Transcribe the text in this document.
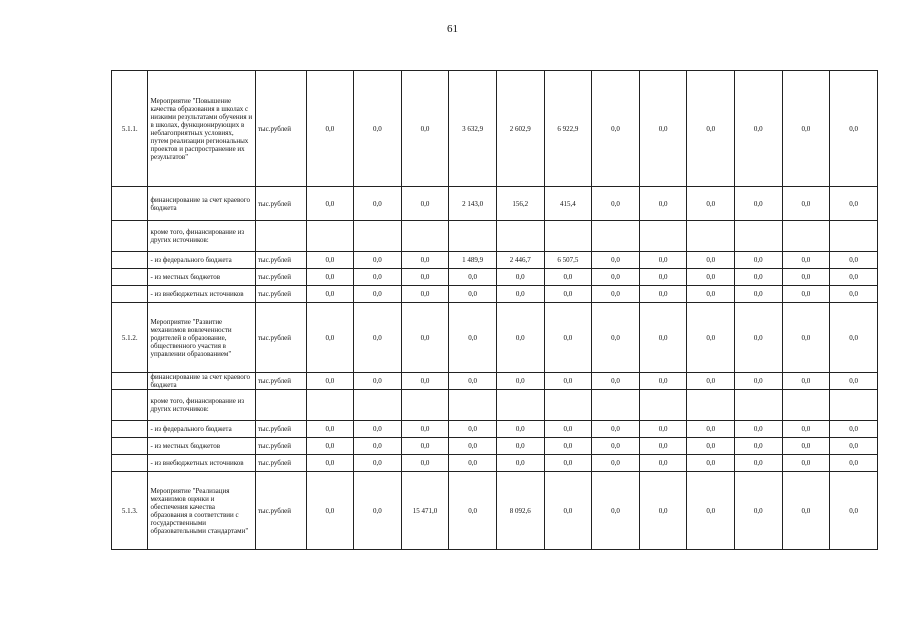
61
5.1.1.	Мероприятие "Повышение качества образования в школах с низкими результатами обучения и в школах, функционирующих в неблагоприятных условиях, путем реализации региональных проектов и распространение их результатов"	тыс.рублей	0,0	0,0	0,0	3 632,9	2 602,9	6 922,9	0,0	0,0	0,0	0,0	0,0	0,0
	финансирование за счет краевого бюджета	тыс.рублей	0,0	0,0	0,0	2 143,0	156,2	415,4	0,0	0,0	0,0	0,0	0,0	0,0
	кроме того, финансирование из других источников:													
	- из федерального бюджета	тыс.рублей	0,0	0,0	0,0	1 489,9	2 446,7	6 507,5	0,0	0,0	0,0	0,0	0,0	0,0
	- из местных бюджетов	тыс.рублей	0,0	0,0	0,0	0,0	0,0	0,0	0,0	0,0	0,0	0,0	0,0	0,0
	- из внебюджетных источников	тыс.рублей	0,0	0,0	0,0	0,0	0,0	0,0	0,0	0,0	0,0	0,0	0,0	0,0
5.1.2.	Мероприятие "Развитие механизмов вовлеченности родителей в образование, общественного участия в управлении образованием"	тыс.рублей	0,0	0,0	0,0	0,0	0,0	0,0	0,0	0,0	0,0	0,0	0,0	0,0
	финансирование за счет краевого бюджета	тыс.рублей	0,0	0,0	0,0	0,0	0,0	0,0	0,0	0,0	0,0	0,0	0,0	0,0
	кроме того, финансирование из других источников:													
	- из федерального бюджета	тыс.рублей	0,0	0,0	0,0	0,0	0,0	0,0	0,0	0,0	0,0	0,0	0,0	0,0
	- из местных бюджетов	тыс.рублей	0,0	0,0	0,0	0,0	0,0	0,0	0,0	0,0	0,0	0,0	0,0	0,0
	- из внебюджетных источников	тыс.рублей	0,0	0,0	0,0	0,0	0,0	0,0	0,0	0,0	0,0	0,0	0,0	0,0
5.1.3.	Мероприятие "Реализация механизмов оценки и обеспечения качества образования в соответствии с государственными образовательными стандартами"	тыс.рублей	0,0	0,0	15 471,0	0,0	8 092,6	0,0	0,0	0,0	0,0	0,0	0,0	0,0
